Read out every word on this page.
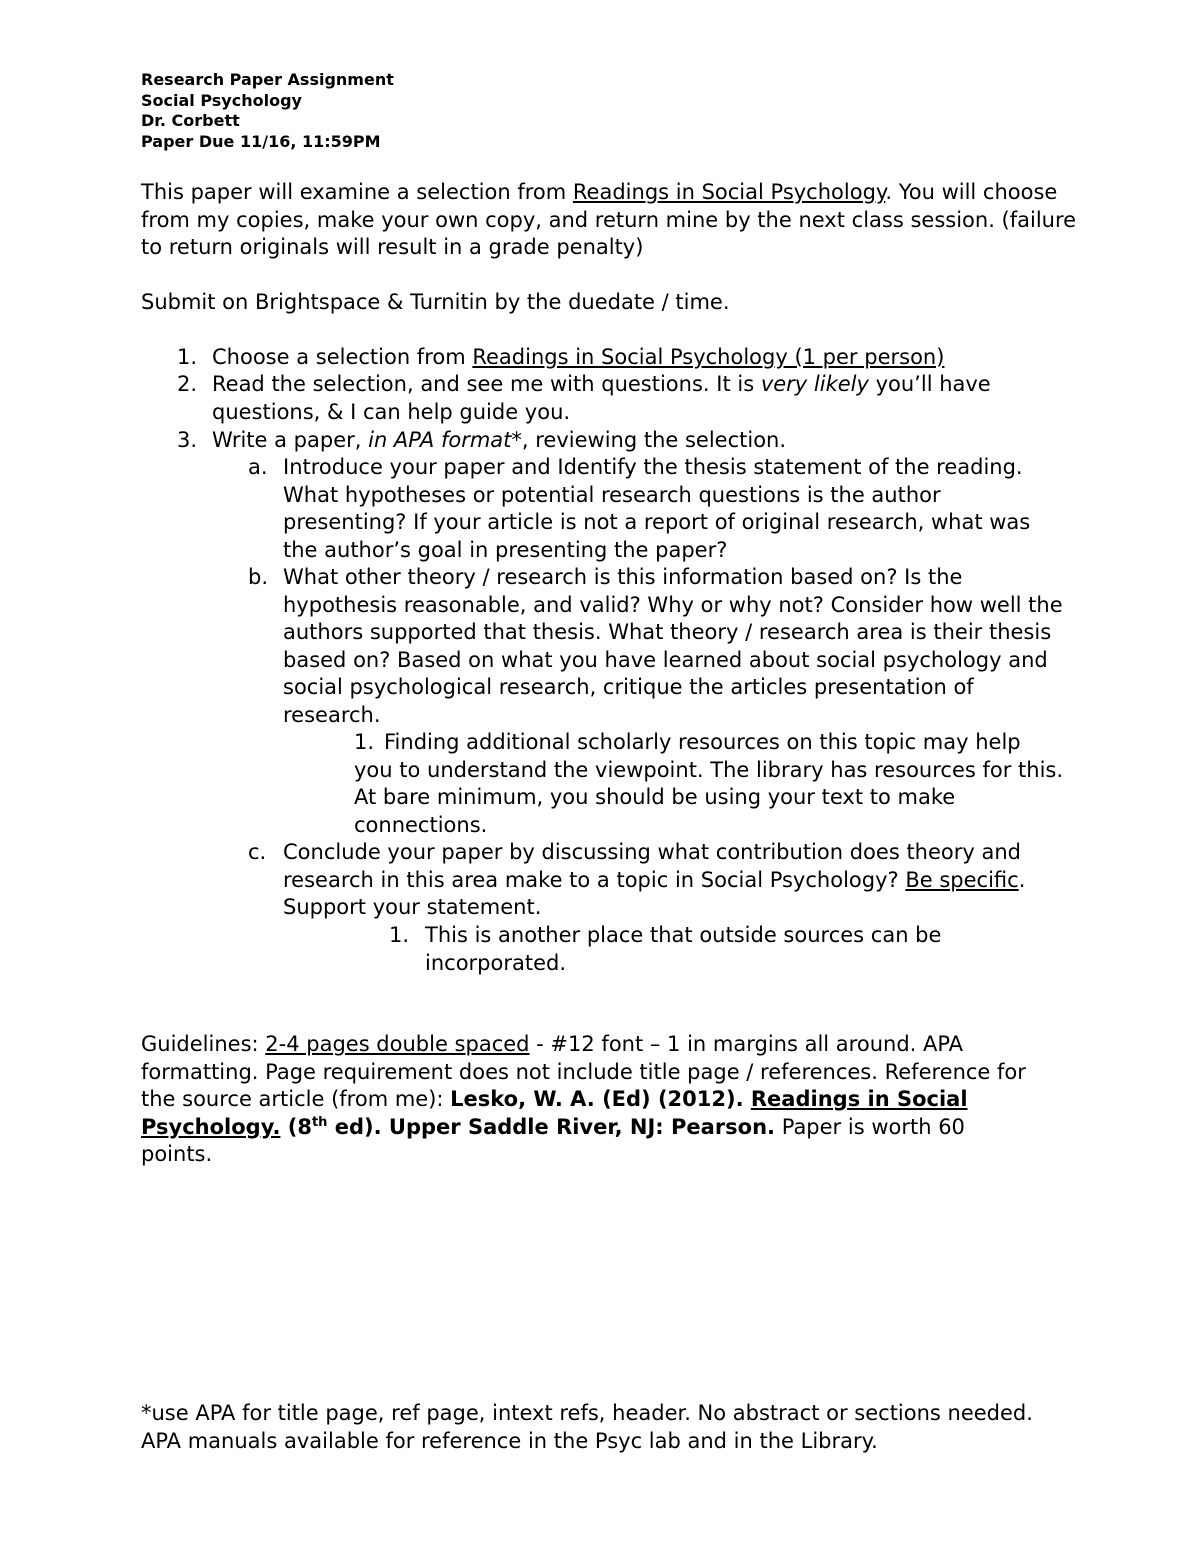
Research Paper Assignment
Social Psychology
Dr. Corbett
Paper Due 11/16, 11:59PM
This paper will examine a selection from Readings in Social Psychology. You will choose from my copies, make your own copy, and return mine by the next class session. (failure to return originals will result in a grade penalty)
Submit on Brightspace & Turnitin by the duedate / time.
1. Choose a selection from Readings in Social Psychology (1 per person)
2. Read the selection, and see me with questions. It is very likely you’ll have questions, & I can help guide you.
3. Write a paper, in APA format*, reviewing the selection.
a. Introduce your paper and Identify the thesis statement of the reading. What hypotheses or potential research questions is the author presenting? If your article is not a report of original research, what was the author’s goal in presenting the paper?
b. What other theory / research is this information based on? Is the hypothesis reasonable, and valid? Why or why not? Consider how well the authors supported that thesis. What theory / research area is their thesis based on? Based on what you have learned about social psychology and social psychological research, critique the articles presentation of research.
1. Finding additional scholarly resources on this topic may help you to understand the viewpoint. The library has resources for this. At bare minimum, you should be using your text to make connections.
c. Conclude your paper by discussing what contribution does theory and research in this area make to a topic in Social Psychology? Be specific. Support your statement.
1. This is another place that outside sources can be incorporated.
Guidelines: 2-4 pages double spaced - #12 font – 1 in margins all around. APA formatting. Page requirement does not include title page / references. Reference for the source article (from me): Lesko, W. A. (Ed) (2012). Readings in Social Psychology. (8th ed). Upper Saddle River, NJ: Pearson. Paper is worth 60 points.
*use APA for title page, ref page, intext refs, header. No abstract or sections needed. APA manuals available for reference in the Psyc lab and in the Library.
